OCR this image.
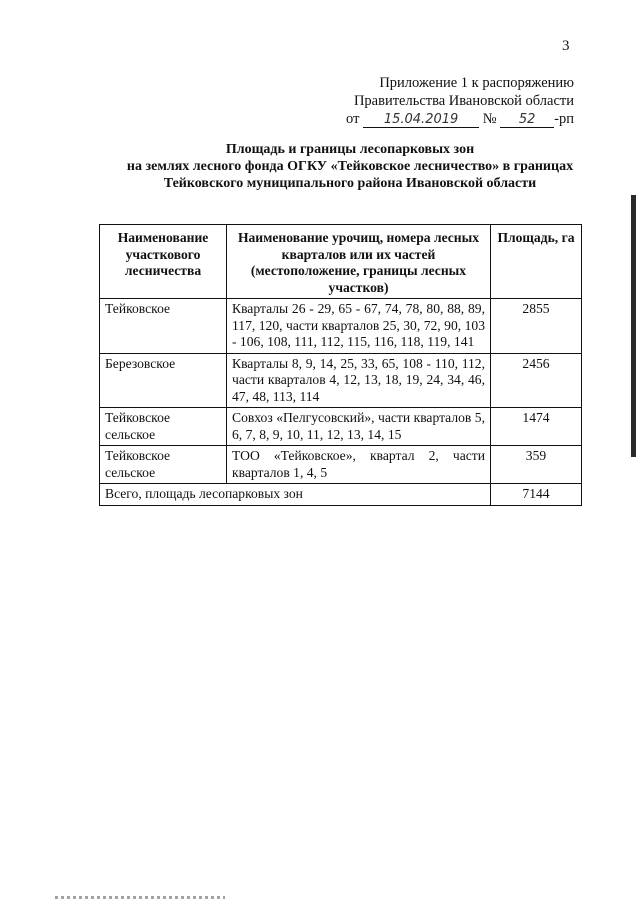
3
Приложение 1 к распоряжению
Правительства Ивановской области
от 15.04.2019 № 52 -рп
Площадь и границы лесопарковых зон
на землях лесного фонда ОГКУ «Тейковское лесничество» в границах
Тейковского муниципального района Ивановской области
Наименование участкового лесничества	Наименование урочищ, номера лесных кварталов или их частей (местоположение, границы лесных участков)	Площадь, га
Тейковское	Кварталы 26 - 29, 65 - 67, 74, 78, 80, 88, 89, 117, 120, части кварталов 25, 30, 72, 90, 103 - 106, 108, 111, 112, 115, 116, 118, 119, 141	2855
Березовское	Кварталы 8, 9, 14, 25, 33, 65, 108 - 110, 112, части кварталов 4, 12, 13, 18, 19, 24, 34, 46, 47, 48, 113, 114	2456
Тейковское сельское	Совхоз «Пелгусовский», части кварталов 5, 6, 7, 8, 9, 10, 11, 12, 13, 14, 15	1474
Тейковское сельское	ТОО «Тейковское», квартал 2, части кварталов 1, 4, 5	359
Всего, площадь лесопарковых зон		7144
